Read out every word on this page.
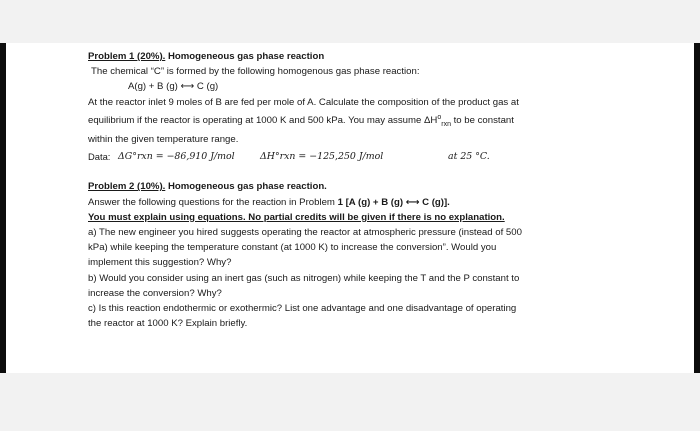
Problem 1 (20%). Homogeneous gas phase reaction
The chemical “C” is formed by the following homogenous gas phase reaction:
A(g) + B (g) ⟷ C (g)
At the reactor inlet 9 moles of B are fed per mole of A. Calculate the composition of the product gas at
equilibrium if the reactor is operating at 1000 K and 500 kPa. You may assume $\Delta H^o_{rxn}$ to be constant
within the given temperature range.
Data: ΔG°rxn = −86,910 J/mol	ΔH°rxn = −125,250 J/mol	at 25 °C.
Problem 2 (10%). Homogeneous gas phase reaction.
Answer the following questions for the reaction in Problem 1 [A (g) + B (g) ⟷ C (g)].
You must explain using equations. No partial credits will be given if there is no explanation.
a) The new engineer you hired suggests operating the reactor at atmospheric pressure (instead of 500
kPa) while keeping the temperature constant (at 1000 K) to increase the conversion”. Would you
implement this suggestion? Why?
b) Would you consider using an inert gas (such as nitrogen) while keeping the T and the P constant to
increase the conversion? Why?
c) Is this reaction endothermic or exothermic? List one advantage and one disadvantage of operating
the reactor at 1000 K? Explain briefly.
